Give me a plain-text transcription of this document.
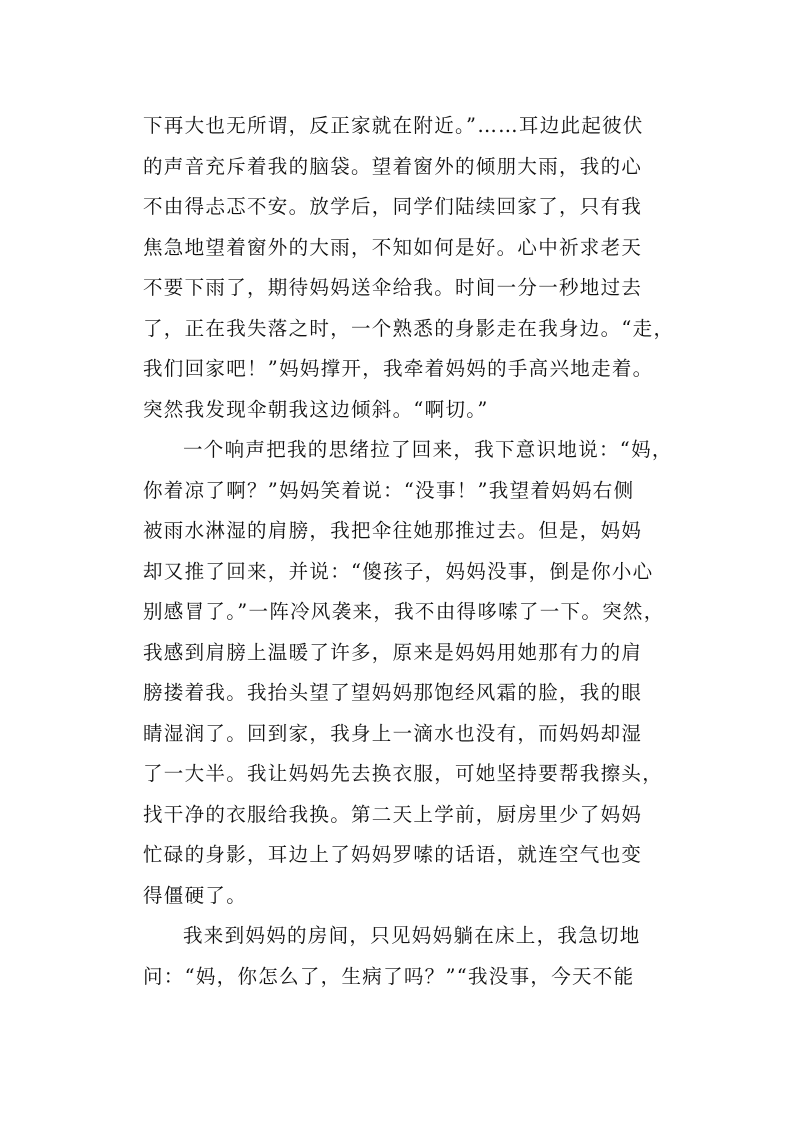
下再大也无所谓，反正家就在附近。”……耳边此起彼伏
的声音充斥着我的脑袋。望着窗外的倾朋大雨，我的心
不由得忐忑不安。放学后，同学们陆续回家了，只有我
焦急地望着窗外的大雨，不知如何是好。心中祈求老天
不要下雨了，期待妈妈送伞给我。时间一分一秒地过去
了，正在我失落之时，一个熟悉的身影走在我身边。“走，
我们回家吧！”妈妈撑开，我牵着妈妈的手高兴地走着。
突然我发现伞朝我这边倾斜。“啊切。”
一个响声把我的思绪拉了回来，我下意识地说：“妈，
你着凉了啊？”妈妈笑着说：“没事！”我望着妈妈右侧
被雨水淋湿的肩膀，我把伞往她那推过去。但是，妈妈
却又推了回来，并说：“傻孩子，妈妈没事，倒是你小心
别感冒了。”一阵冷风袭来，我不由得哆嗦了一下。突然，
我感到肩膀上温暖了许多，原来是妈妈用她那有力的肩
膀搂着我。我抬头望了望妈妈那饱经风霜的脸，我的眼
睛湿润了。回到家，我身上一滴水也没有，而妈妈却湿
了一大半。我让妈妈先去换衣服，可她坚持要帮我擦头，
找干净的衣服给我换。第二天上学前，厨房里少了妈妈
忙碌的身影，耳边上了妈妈罗嗦的话语，就连空气也变
得僵硬了。
我来到妈妈的房间，只见妈妈躺在床上，我急切地
问：“妈，你怎么了，生病了吗？”“我没事，今天不能
